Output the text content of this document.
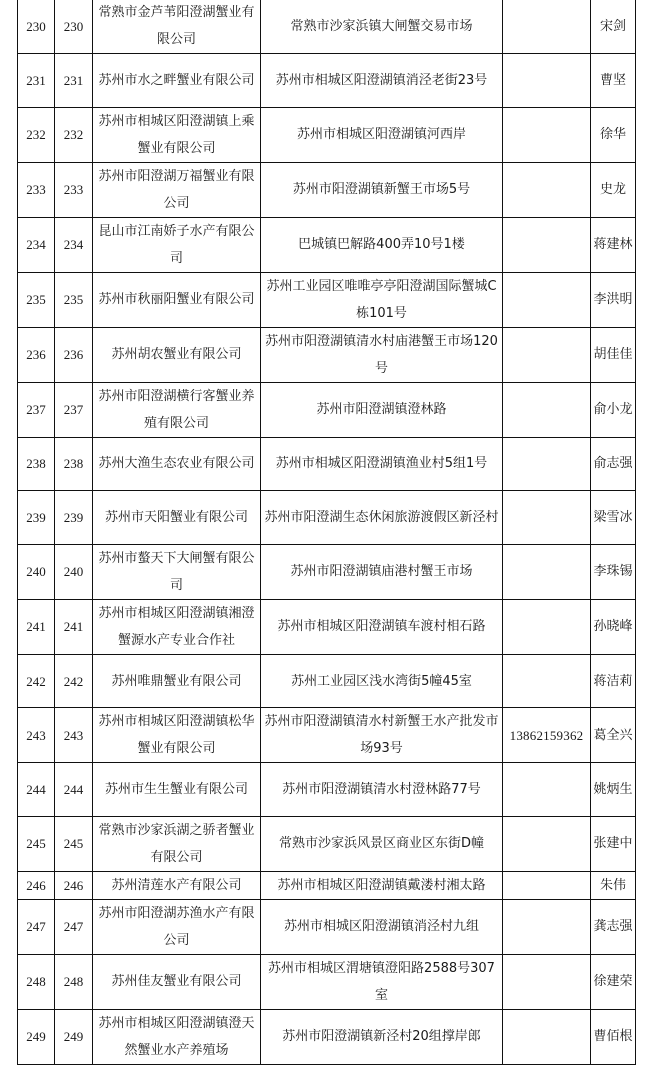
230	230	常熟市金芦苇阳澄湖蟹业有限公司	常熟市沙家浜镇大闸蟹交易市场		宋剑
231	231	苏州市水之畔蟹业有限公司	苏州市相城区阳澄湖镇消泾老街23号		曹坚
232	232	苏州市相城区阳澄湖镇上乘蟹业有限公司	苏州市相城区阳澄湖镇河西岸		徐华
233	233	苏州市阳澄湖万福蟹业有限公司	苏州市阳澄湖镇新蟹王市场5号		史龙
234	234	昆山市江南娇子水产有限公司	巴城镇巴解路400弄10号1楼		蒋建林
235	235	苏州市秋丽阳蟹业有限公司	苏州工业园区唯唯亭亭阳澄湖国际蟹城C栋101号		李洪明
236	236	苏州胡农蟹业有限公司	苏州市阳澄湖镇清水村庙港蟹王市场120号		胡佳佳
237	237	苏州市阳澄湖横行客蟹业养殖有限公司	苏州市阳澄湖镇澄林路		俞小龙
238	238	苏州大渔生态农业有限公司	苏州市相城区阳澄湖镇渔业村5组1号		俞志强
239	239	苏州市天阳蟹业有限公司	苏州市阳澄湖生态休闲旅游渡假区新泾村		梁雪冰
240	240	苏州市螯天下大闸蟹有限公司	苏州市阳澄湖镇庙港村蟹王市场		李珠锡
241	241	苏州市相城区阳澄湖镇湘澄蟹源水产专业合作社	苏州市相城区阳澄湖镇车渡村相石路		孙晓峰
242	242	苏州唯鼎蟹业有限公司	苏州工业园区浅水湾街5幢45室		蒋洁莉
243	243	苏州市相城区阳澄湖镇松华蟹业有限公司	苏州市阳澄湖镇清水村新蟹王水产批发市场93号	13862159362	葛全兴
244	244	苏州市生生蟹业有限公司	苏州市阳澄湖镇清水村澄林路77号		姚炳生
245	245	常熟市沙家浜湖之骄者蟹业有限公司	常熟市沙家浜风景区商业区东街D幢		张建中
246	246	苏州清莲水产有限公司	苏州市相城区阳澄湖镇戴溇村湘太路		朱伟
247	247	苏州市阳澄湖苏渔水产有限公司	苏州市相城区阳澄湖镇消泾村九组		龚志强
248	248	苏州佳友蟹业有限公司	苏州市相城区渭塘镇澄阳路2588号307室		徐建荣
249	249	苏州市相城区阳澄湖镇澄天然蟹业水产养殖场	苏州市阳澄湖镇新泾村20组撑岸郎		曹佰根
